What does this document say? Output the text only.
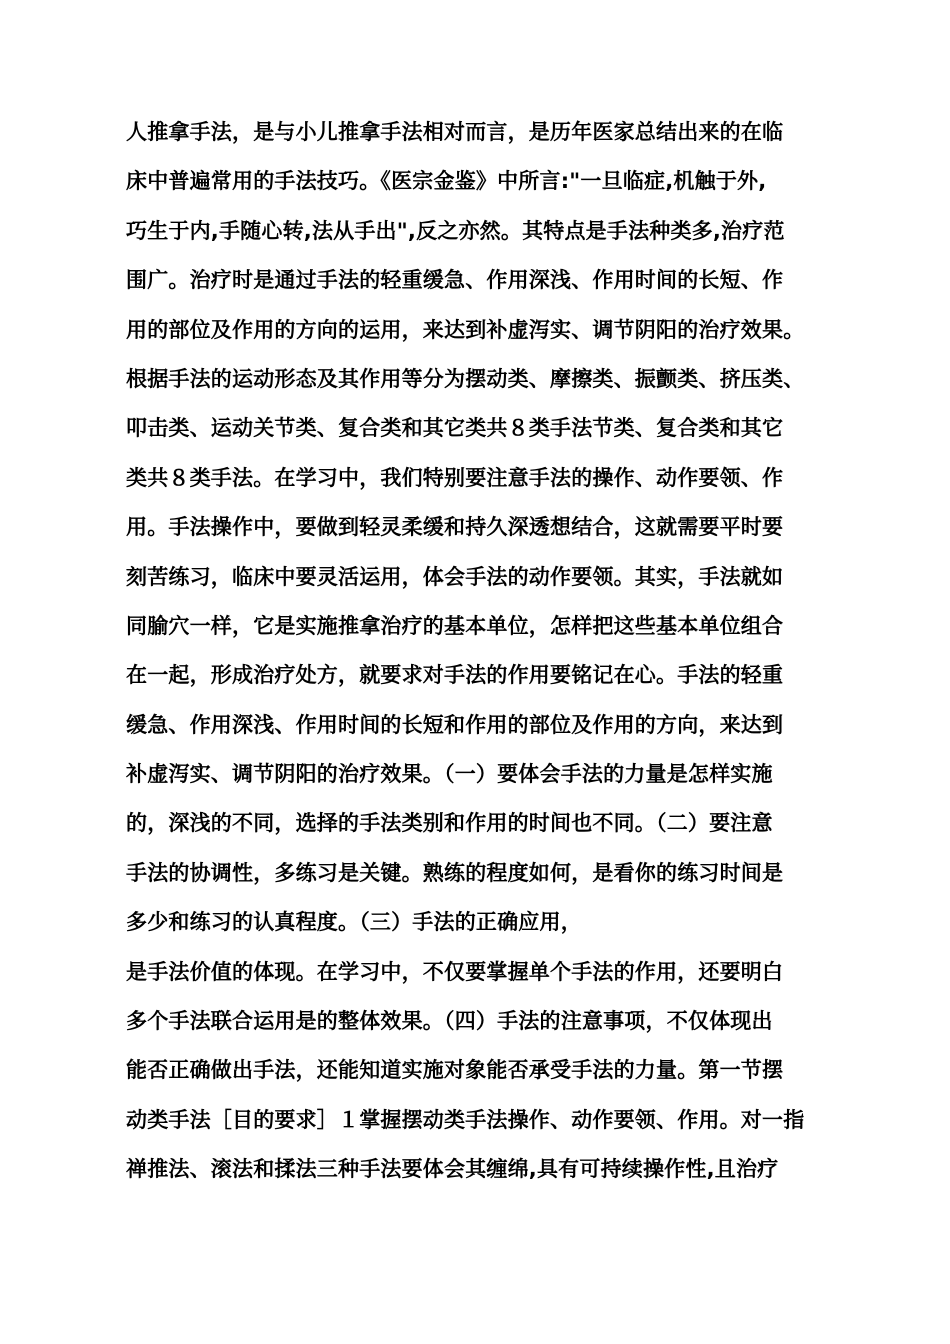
人推拿手法，是与小儿推拿手法相对而言，是历年医家总结出来的在临
床中普遍常用的手法技巧。《医宗金鉴》中所言:"一旦临症,机触于外,
巧生于内,手随心转,法从手出",反之亦然。其特点是手法种类多,治疗范
围广。治疗时是通过手法的轻重缓急、作用深浅、作用时间的长短、作
用的部位及作用的方向的运用，来达到补虚泻实、调节阴阳的治疗效果。
根据手法的运动形态及其作用等分为摆动类、摩擦类、振颤类、挤压类、
叩击类、运动关节类、复合类和其它类共８类手法节类、复合类和其它
类共８类手法。在学习中，我们特别要注意手法的操作、动作要领、作
用。手法操作中，要做到轻灵柔缓和持久深透想结合，这就需要平时要
刻苦练习，临床中要灵活运用，体会手法的动作要领。其实，手法就如
同腧穴一样，它是实施推拿治疗的基本单位，怎样把这些基本单位组合
在一起，形成治疗处方，就要求对手法的作用要铭记在心。手法的轻重
缓急、作用深浅、作用时间的长短和作用的部位及作用的方向，来达到
补虚泻实、调节阴阳的治疗效果。（一）要体会手法的力量是怎样实施
的，深浅的不同，选择的手法类别和作用的时间也不同。（二）要注意
手法的协调性，多练习是关键。熟练的程度如何，是看你的练习时间是
多少和练习的认真程度。（三）手法的正确应用，
是手法价值的体现。在学习中，不仅要掌握单个手法的作用，还要明白
多个手法联合运用是的整体效果。（四）手法的注意事项，不仅体现出
能否正确做出手法，还能知道实施对象能否承受手法的力量。第一节摆
动类手法［目的要求］１掌握摆动类手法操作、动作要领、作用。对一指
禅推法、滚法和揉法三种手法要体会其缠绵,具有可持续操作性,且治疗
